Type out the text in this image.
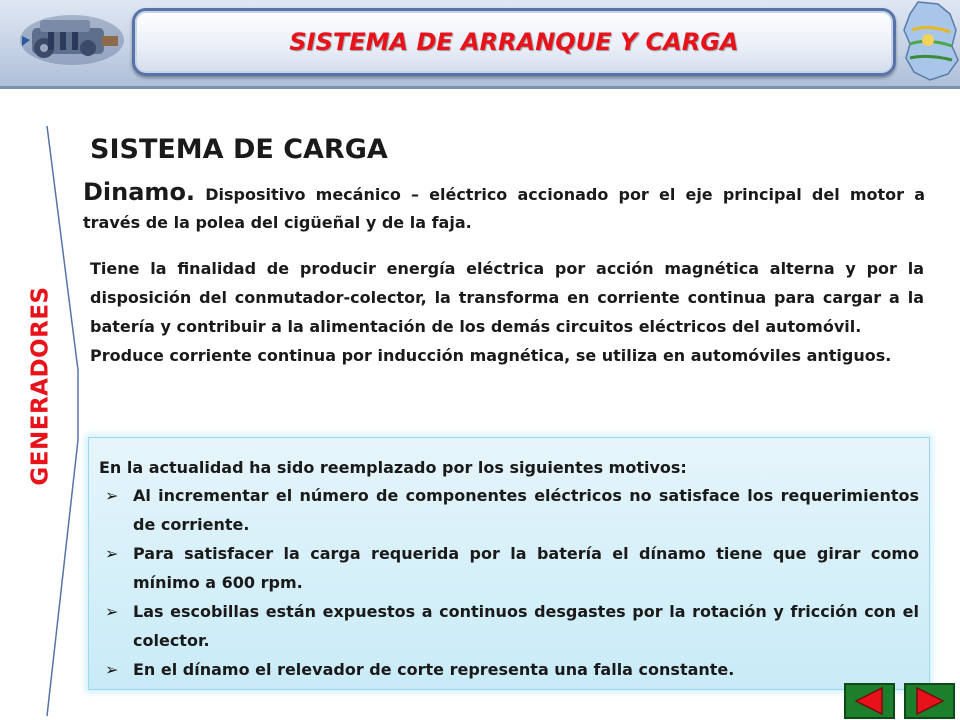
SISTEMA DE ARRANQUE Y CARGA
GENERADORES
SISTEMA DE CARGA
Dinamo. Dispositivo mecánico – eléctrico accionado por el eje principal del motor a través de la polea del cigüeñal y de la faja.

Tiene la finalidad de producir energía eléctrica por acción magnética alterna y por la disposición del conmutador-colector, la transforma en corriente continua para cargar a la batería y contribuir a la alimentación de los demás circuitos eléctricos del automóvil.

Produce corriente continua por inducción magnética, se utiliza en automóviles antiguos.

En la actualidad ha sido reemplazado por los siguientes motivos:

➢ Al incrementar el número de componentes eléctricos no satisface los requerimientos de corriente.
➢ Para satisfacer la carga requerida por la batería el dínamo tiene que girar como mínimo a 600 rpm.
➢ Las escobillas están expuestos a continuos desgastes por la rotación y fricción con el colector.
➢ En el dínamo el relevador de corte representa una falla constante.
